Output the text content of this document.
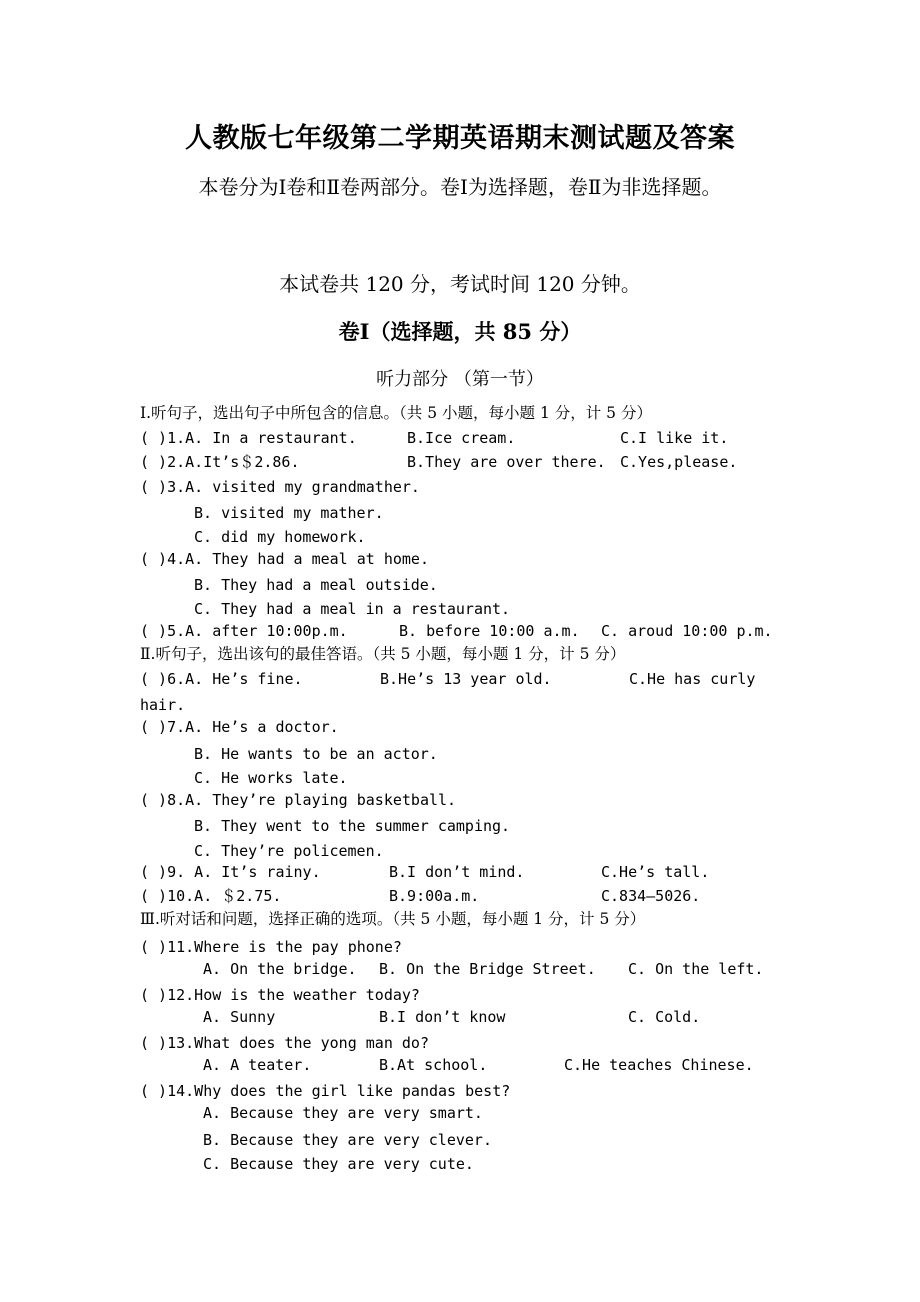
人教版七年级第二学期英语期末测试题及答案
本卷分为Ⅰ卷和Ⅱ卷两部分。卷Ⅰ为选择题，卷Ⅱ为非选择题。
本试卷共 120 分，考试时间 120 分钟。
卷Ⅰ（选择题，共 85 分）
听力部分 （第一节）
Ⅰ.听句子，选出句子中所包含的信息。（共 5 小题，每小题 1 分，计 5 分）
( )1.A. In a restaurant.	B.Ice cream.	C.I like it.
( )2.A.It’s＄2.86.	B.They are over there. C.Yes,please.
( )3.A. visited my grandmather.
B. visited my mather.
C. did my homework.
( )4.A. They had a meal at home.
B. They had a meal outside.
C. They had a meal in a restaurant.
( )5.A. after 10:00p.m.	B. before 10:00 a.m. C. aroud 10:00 p.m.
Ⅱ.听句子，选出该句的最佳答语。（共 5 小题，每小题 1 分，计 5 分）
( )6.A. He’s fine.	B.He’s 13 year old.	C.He has curly
hair.
( )7.A. He’s a doctor.
B. He wants to be an actor.
C. He works late.
( )8.A. They’re playing basketball.
B. They went to the summer camping.
C. They’re policemen.
( )9. A. It’s rainy.	B.I don’t mind.	C.He’s tall.
( )10.A. ＄2.75.	B.9:00a.m.	C.834—5026.
Ⅲ.听对话和问题，选择正确的选项。（共 5 小题，每小题 1 分，计 5 分）
( )11.Where is the pay phone?
A. On the bridge. B. On the Bridge Street. C. On the left.
( )12.How is the weather today?
A. Sunny	B.I don’t know	C. Cold.
( )13.What does the yong man do?
A. A teater.	B.At school.	C.He teaches Chinese.
( )14.Why does the girl like pandas best?
A. Because they are very smart.
B. Because they are very clever.
C. Because they are very cute.
